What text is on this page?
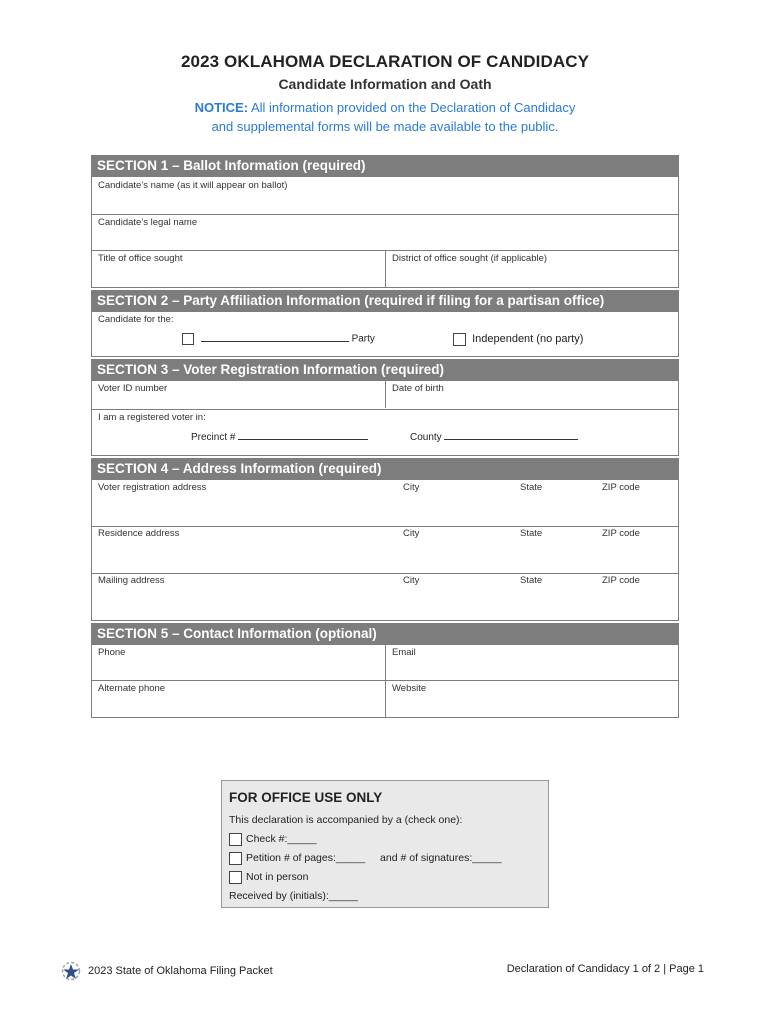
2023 OKLAHOMA DECLARATION OF CANDIDACY
Candidate Information and Oath
NOTICE: All information provided on the Declaration of Candidacy
and supplemental forms will be made available to the public.
SECTION 1 – Ballot Information (required)
Candidate’s name (as it will appear on ballot)
Candidate’s legal name
Title of office sought	District of office sought (if applicable)
SECTION 2 – Party Affiliation Information (required if filing for a partisan office)
Candidate for the:
Party	Independent (no party)
SECTION 3 – Voter Registration Information (required)
Voter ID number	Date of birth
I am a registered voter in:
Precinct #	County
SECTION 4 – Address Information (required)
Voter registration address	City	State	ZIP code
Residence address	City	State	ZIP code
Mailing address	City	State	ZIP code
SECTION 5 – Contact Information (optional)
Phone	Email
Alternate phone	Website
FOR OFFICE USE ONLY
This declaration is accompanied by a (check one):
Check #:_____
Petition # of pages:_____ and # of signatures:_____
Not in person
Received by (initials):_____
2023 State of Oklahoma Filing Packet	Declaration of Candidacy 1 of 2 | Page 1
